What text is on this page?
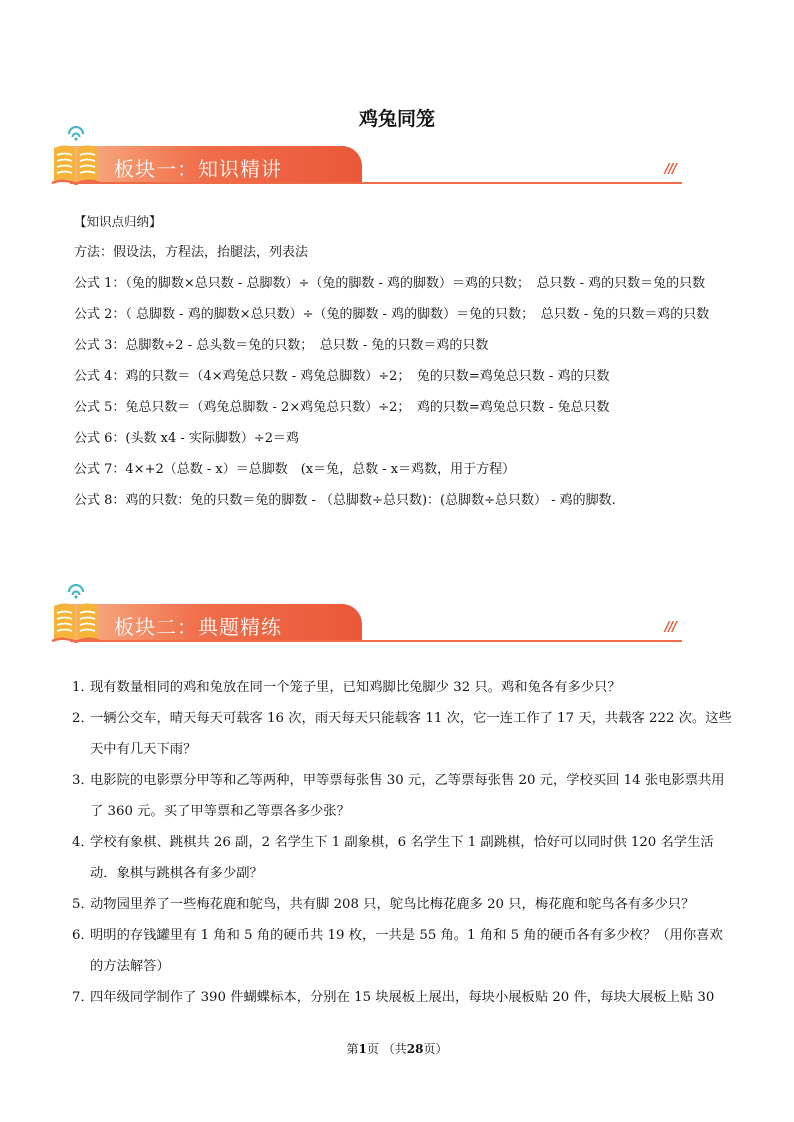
鸡兔同笼
板块一：知识精讲	///

【知识点归纳】

方法：假设法，方程法，抬腿法，列表法

公式 1：（兔的脚数×总只数 - 总脚数）÷（兔的脚数 - 鸡的脚数）＝鸡的只数；　总只数 - 鸡的只数＝兔的只数

公式 2：（ 总脚数 - 鸡的脚数×总只数）÷（兔的脚数 - 鸡的脚数）＝兔的只数；　总只数 - 兔的只数＝鸡的只数

公式 3：总脚数÷2 - 总头数＝兔的只数；　总只数 - 兔的只数＝鸡的只数

公式 4：鸡的只数＝（4×鸡兔总只数 - 鸡兔总脚数）÷2；　兔的只数=鸡兔总只数 - 鸡的只数

公式 5：兔总只数＝（鸡兔总脚数 - 2×鸡兔总只数）÷2；　鸡的只数=鸡兔总只数 - 兔总只数

公式 6：(头数 x4 - 实际脚数）÷2＝鸡

公式 7：4×+2（总数 - x）＝总脚数　(x＝兔，总数 - x＝鸡数，用于方程）

公式 8：鸡的只数：兔的只数＝兔的脚数 - （总脚数÷总只数)：(总脚数÷总只数） - 鸡的脚数.

板块二：典题精练	///

1．
现有数量相同的鸡和兔放在同一个笼子里，已知鸡脚比兔脚少 32 只。鸡和兔各有多少只？

2．
一辆公交车，晴天每天可载客 16 次，雨天每天只能载客 11 次，它一连工作了 17 天，共载客 222 次。这些天中有几天下雨？

3．
电影院的电影票分甲等和乙等两种，甲等票每张售 30 元，乙等票每张售 20 元，学校买回 14 张电影票共用了 360 元。买了甲等票和乙等票各多少张？

4．
学校有象棋、跳棋共 26 副，2 名学生下 1 副象棋，6 名学生下 1 副跳棋，恰好可以同时供 120 名学生活动．象棋与跳棋各有多少副？

5．
动物园里养了一些梅花鹿和鸵鸟，共有脚 208 只，鸵鸟比梅花鹿多 20 只，梅花鹿和鸵鸟各有多少只？

6．
明明的存钱罐里有 1 角和 5 角的硬币共 19 枚，一共是 55 角。1 角和 5 角的硬币各有多少枚？（用你喜欢的方法解答）

7．
四年级同学制作了 390 件蝴蝶标本，分别在 15 块展板上展出，每块小展板贴 20 件，每块大展板上贴 30

第1页 （共28页）
